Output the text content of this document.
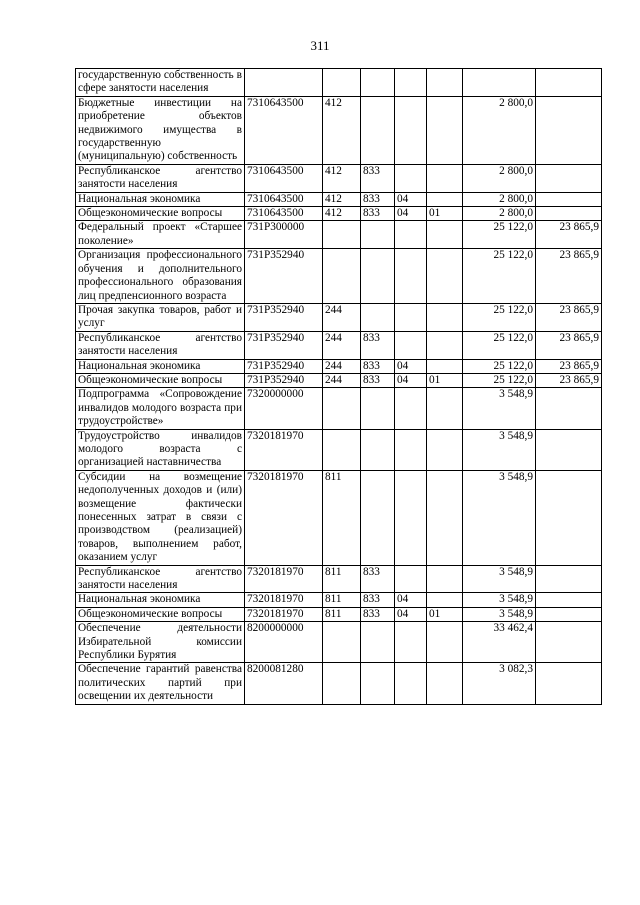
311
государственную собственность в сфере занятости населения							
Бюджетные инвестиции на приобретение объектов недвижимого имущества в государственную (муниципальную) собственность	7310643500	412				2 800,0	
Республиканское агентство занятости населения	7310643500	412	833			2 800,0	
Национальная экономика	7310643500	412	833	04		2 800,0	
Общеэкономические вопросы	7310643500	412	833	04	01	2 800,0	
Федеральный проект «Старшее поколение»	731P300000					25 122,0	23 865,9
Организация профессионального обучения и дополнительного профессионального образования лиц предпенсионного возраста	731P352940					25 122,0	23 865,9
Прочая закупка товаров, работ и услуг	731P352940	244				25 122,0	23 865,9
Республиканское агентство занятости населения	731P352940	244	833			25 122,0	23 865,9
Национальная экономика	731P352940	244	833	04		25 122,0	23 865,9
Общеэкономические вопросы	731P352940	244	833	04	01	25 122,0	23 865,9
Подпрограмма «Сопровождение инвалидов молодого возраста при трудоустройстве»	7320000000					3 548,9	
Трудоустройство инвалидов молодого возраста с организацией наставничества	7320181970					3 548,9	
Субсидии на возмещение недополученных доходов и (или) возмещение фактически понесенных затрат в связи с производством (реализацией) товаров, выполнением работ, оказанием услуг	7320181970	811				3 548,9	
Республиканское агентство занятости населения	7320181970	811	833			3 548,9	
Национальная экономика	7320181970	811	833	04		3 548,9	
Общеэкономические вопросы	7320181970	811	833	04	01	3 548,9	
Обеспечение деятельности Избирательной комиссии Республики Бурятия	8200000000					33 462,4	
Обеспечение гарантий равенства политических партий при освещении их деятельности	8200081280					3 082,3	
